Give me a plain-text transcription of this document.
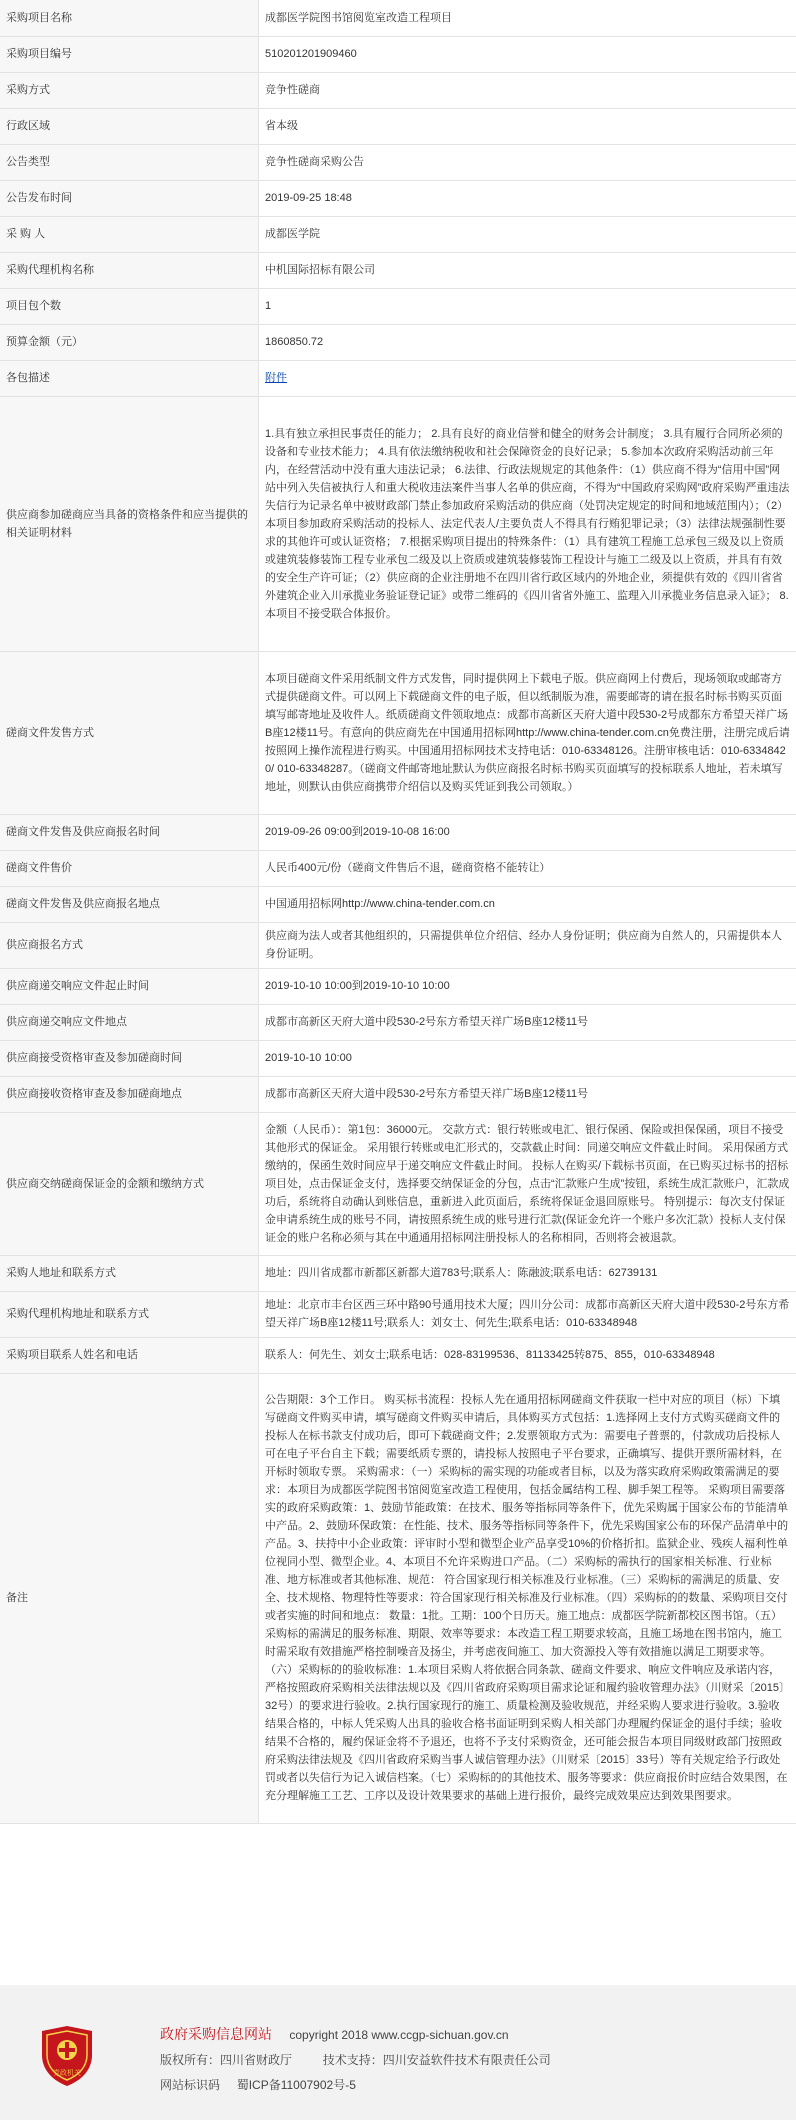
采购项目名称	成都医学院图书馆阅览室改造工程项目
采购项目编号	510201201909460
采购方式	竞争性磋商
行政区域	省本级
公告类型	竞争性磋商采购公告
公告发布时间	2019-09-25 18:48
采 购 人	成都医学院
采购代理机构名称	中机国际招标有限公司
项目包个数	1
预算金额（元）	1860850.72
各包描述	附件
供应商参加磋商应当具备的资格条件和应当提供的相关证明材料	1.具有独立承担民事责任的能力； 2.具有良好的商业信誉和健全的财务会计制度； 3.具有履行合同所必须的设备和专业技术能力； 4.具有依法缴纳税收和社会保障资金的良好记录； 5.参加本次政府采购活动前三年内，在经营活动中没有重大违法记录； 6.法律、行政法规规定的其他条件：（1）供应商不得为“信用中国”网站中列入失信被执行人和重大税收违法案件当事人名单的供应商，不得为“中国政府采购网”政府采购严重违法失信行为记录名单中被财政部门禁止参加政府采购活动的供应商（处罚决定规定的时间和地域范围内）；（2）本项目参加政府采购活动的投标人、法定代表人/主要负责人不得具有行贿犯罪记录；（3）法律法规强制性要求的其他许可或认证资格； 7.根据采购项目提出的特殊条件：（1）具有建筑工程施工总承包三级及以上资质或建筑装修装饰工程专业承包二级及以上资质或建筑装修装饰工程设计与施工二级及以上资质，并具有有效的安全生产许可证；（2）供应商的企业注册地不在四川省行政区域内的外地企业，须提供有效的《四川省省外建筑企业入川承揽业务验证登记证》或带二维码的《四川省省外施工、监理入川承揽业务信息录入证》； 8.本项目不接受联合体报价。
磋商文件发售方式	本项目磋商文件采用纸制文件方式发售，同时提供网上下载电子版。供应商网上付费后，现场领取或邮寄方式提供磋商文件。可以网上下载磋商文件的电子版，但以纸制版为准，需要邮寄的请在报名时标书购买页面填写邮寄地址及收件人。纸质磋商文件领取地点：成都市高新区天府大道中段530-2号成都东方希望天祥广场B座12楼11号。有意向的供应商先在中国通用招标网http://www.china-tender.com.cn免费注册，注册完成后请按照网上操作流程进行购买。中国通用招标网技术支持电话：010-63348126。注册审核电话：010-63348420/ 010-63348287。（磋商文件邮寄地址默认为供应商报名时标书购买页面填写的投标联系人地址，若未填写地址，则默认由供应商携带介绍信以及购买凭证到我公司领取。）
磋商文件发售及供应商报名时间	2019-09-26 09:00到2019-10-08 16:00
磋商文件售价	人民币400元/份（磋商文件售后不退，磋商资格不能转让）
磋商文件发售及供应商报名地点	中国通用招标网http://www.china-tender.com.cn
供应商报名方式	供应商为法人或者其他组织的，只需提供单位介绍信、经办人身份证明；供应商为自然人的，只需提供本人身份证明。
供应商递交响应文件起止时间	2019-10-10 10:00到2019-10-10 10:00
供应商递交响应文件地点	成都市高新区天府大道中段530-2号东方希望天祥广场B座12楼11号
供应商接受资格审查及参加磋商时间	2019-10-10 10:00
供应商接收资格审查及参加磋商地点	成都市高新区天府大道中段530-2号东方希望天祥广场B座12楼11号
供应商交纳磋商保证金的金额和缴纳方式	金额（人民币）：第1包：36000元。 交款方式：银行转账或电汇、银行保函、保险或担保保函，项目不接受其他形式的保证金。 采用银行转账或电汇形式的，交款截止时间：同递交响应文件截止时间。 采用保函方式缴纳的，保函生效时间应早于递交响应文件截止时间。 投标人在购买/下载标书页面，在已购买过标书的招标项目处，点击保证金支付，选择要交纳保证金的分包，点击“汇款账户生成”按钮，系统生成汇款账户，汇款成功后，系统将自动确认到账信息，重新进入此页面后，系统将保证金退回原账号。 特别提示：每次支付保证金申请系统生成的账号不同，请按照系统生成的账号进行汇款(保证金允许一个账户多次汇款）投标人支付保证金的账户名称必须与其在中通通用招标网注册投标人的名称相同，否则将会被退款。
采购人地址和联系方式	地址：四川省成都市新都区新都大道783号;联系人：陈融波;联系电话：62739131
采购代理机构地址和联系方式	地址：北京市丰台区西三环中路90号通用技术大厦；四川分公司：成都市高新区天府大道中段530-2号东方希望天祥广场B座12楼11号;联系人：刘女士、何先生;联系电话：010-63348948
采购项目联系人姓名和电话	联系人：何先生、刘女士;联系电话：028-83199536、81133425转875、855，010-63348948
备注	公告期限：3个工作日。 购买标书流程：投标人先在通用招标网磋商文件获取一栏中对应的项目（标）下填写磋商文件购买申请，填写磋商文件购买申请后，具体购买方式包括：1.选择网上支付方式购买磋商文件的投标人在标书款支付成功后，即可下载磋商文件；2.发票领取方式为：需要电子普票的，付款成功后投标人可在电子平台自主下载；需要纸质专票的，请投标人按照电子平台要求，正确填写、提供开票所需材料，在开标时领取专票。 采购需求：（一）采购标的需实现的功能或者目标，以及为落实政府采购政策需满足的要求：本项目为成都医学院图书馆阅览室改造工程使用，包括金属结构工程、脚手架工程等。 采购项目需要落实的政府采购政策：1、鼓励节能政策：在技术、服务等指标同等条件下，优先采购属于国家公布的节能清单中产品。2、鼓励环保政策：在性能、技术、服务等指标同等条件下，优先采购国家公布的环保产品清单中的产品。3、扶持中小企业政策：评审时小型和微型企业产品享受10%的价格折扣。监狱企业、残疾人福利性单位视同小型、微型企业。4、本项目不允许采购进口产品。（二）采购标的需执行的国家相关标准、行业标准、地方标准或者其他标准、规范： 符合国家现行相关标准及行业标准。（三）采购标的需满足的质量、安全、技术规格、物理特性等要求：符合国家现行相关标准及行业标准。（四）采购标的的数量、采购项目交付或者实施的时间和地点： 数量：1批。工期：100个日历天。施工地点：成都医学院新都校区图书馆。（五）采购标的需满足的服务标准、期限、效率等要求：本改造工程工期要求较高，且施工场地在图书馆内，施工时需采取有效措施严格控制噪音及扬尘，并考虑夜间施工、加大资源投入等有效措施以满足工期要求等。（六）采购标的的验收标准：1.本项目采购人将依据合同条款、磋商文件要求、响应文件响应及承诺内容，严格按照政府采购相关法律法规以及《四川省政府采购项目需求论证和履约验收管理办法》（川财采〔2015〕32号）的要求进行验收。2.执行国家现行的施工、质量检测及验收规范，并经采购人要求进行验收。3.验收结果合格的，中标人凭采购人出具的验收合格书面证明到采购人相关部门办理履约保证金的退付手续；验收结果不合格的，履约保证金将不予退还，也将不予支付采购资金，还可能会报告本项目同级财政部门按照政府采购法律法规及《四川省政府采购当事人诚信管理办法》（川财采〔2015〕33号）等有关规定给予行政处罚或者以失信行为记入诚信档案。（七）采购标的的其他技术、服务等要求：供应商报价时应结合效果图，在充分理解施工工艺、工序以及设计效果要求的基础上进行报价，最终完成效果应达到效果图要求。
党政机关
政府采购信息网站 copyright 2018 www.ccgp-sichuan.gov.cn
版权所有：四川省财政厅	技术支持：四川安益软件技术有限责任公司
网站标识码 蜀ICP备11007902号-5
